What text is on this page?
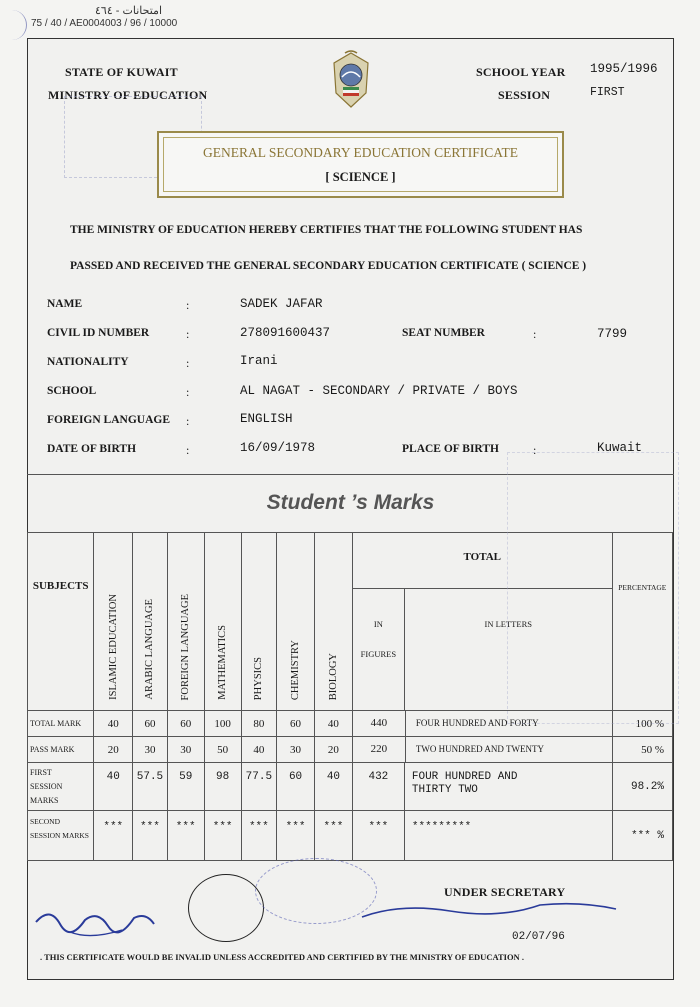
امتحانات - ٤٦٤
75 / 40 / AE0004003 / 96 / 10000
STATE OF KUWAIT
MINISTRY OF EDUCATION
SCHOOL YEAR 1995/1996
SESSION	FIRST
GENERAL SECONDARY EDUCATION CERTIFICATE
[ SCIENCE ]
THE MINISTRY OF EDUCATION HEREBY CERTIFIES THAT THE FOLLOWING STUDENT HAS
PASSED AND RECEIVED THE GENERAL SECONDARY EDUCATION CERTIFICATE ( SCIENCE )
NAME	:	SADEK JAFAR
CIVIL ID NUMBER	:	278091600437	SEAT NUMBER	:	7799
NATIONALITY	:	Irani
SCHOOL	:	AL NAGAT - SECONDARY / PRIVATE / BOYS
FOREIGN LANGUAGE :	ENGLISH
DATE OF BIRTH	:	16/09/1978	PLACE OF BIRTH	:	Kuwait
Student ’s Marks
SUBJECTS	ISLAMIC EDUCATION	ARABIC LANGUAGE	FOREIGN LANGUAGE	MATHEMATICS	PHYSICS	CHEMISTRY	BIOLOGY	TOTAL
IN FIGURES
IN LETTERS	PERCENTAGE

TOTAL MARK	40	60	60	100	80	60	40	440 FOUR HUNDRED AND FORTY	100 %
PASS MARK	20	30	30	50	40	30	20	220 TWO HUNDRED AND TWENTY	50 %
FIRST SESSION MARKS	40	57.5	59	98	77.5	60	40	432 FOUR HUNDRED AND THIRTY TWO	98.2%
SECOND SESSION MARKS	***	***	***	***	***	***	***	*** *********	*** %
UNDER SECRETARY
02/07/96
. THIS CERTIFICATE WOULD BE INVALID UNLESS ACCREDITED AND CERTIFIED BY THE MINISTRY OF EDUCATION .
